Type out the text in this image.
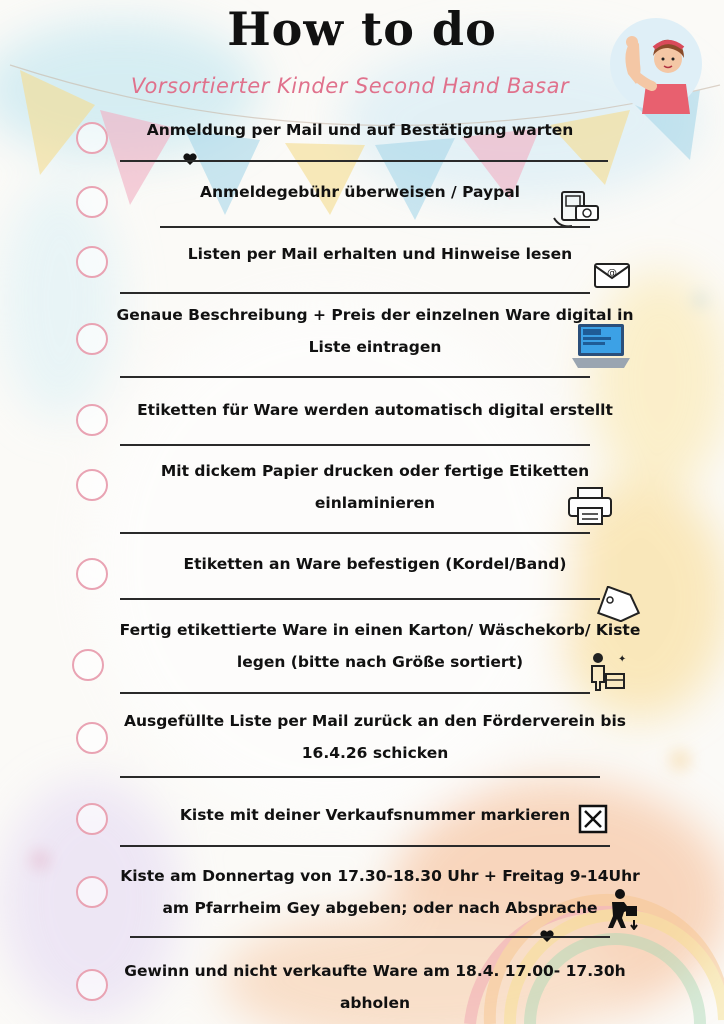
How to do
Vorsortierter Kinder Second Hand Basar
Anmeldung per Mail und auf Bestätigung warten
Anmeldegebühr überweisen / Paypal
Listen per Mail erhalten und Hinweise lesen
@
Genaue Beschreibung + Preis der einzelnen Ware digital in
Liste eintragen
Etiketten für Ware werden automatisch digital erstellt
Mit dickem Papier drucken oder fertige Etiketten
einlaminieren
Etiketten an Ware befestigen (Kordel/Band)
Fertig etikettierte Ware in einen Karton/ Wäschekorb/ Kiste
legen (bitte nach Größe sortiert)	✦
Ausgefüllte Liste per Mail zurück an den Förderverein bis
16.4.26 schicken
Kiste mit deiner Verkaufsnummer markieren
Kiste am Donnertag von 17.30-18.30 Uhr + Freitag 9-14Uhr
am Pfarrheim Gey abgeben; oder nach Absprache
Gewinn und nicht verkaufte Ware am 18.4. 17.00- 17.30h
abholen
